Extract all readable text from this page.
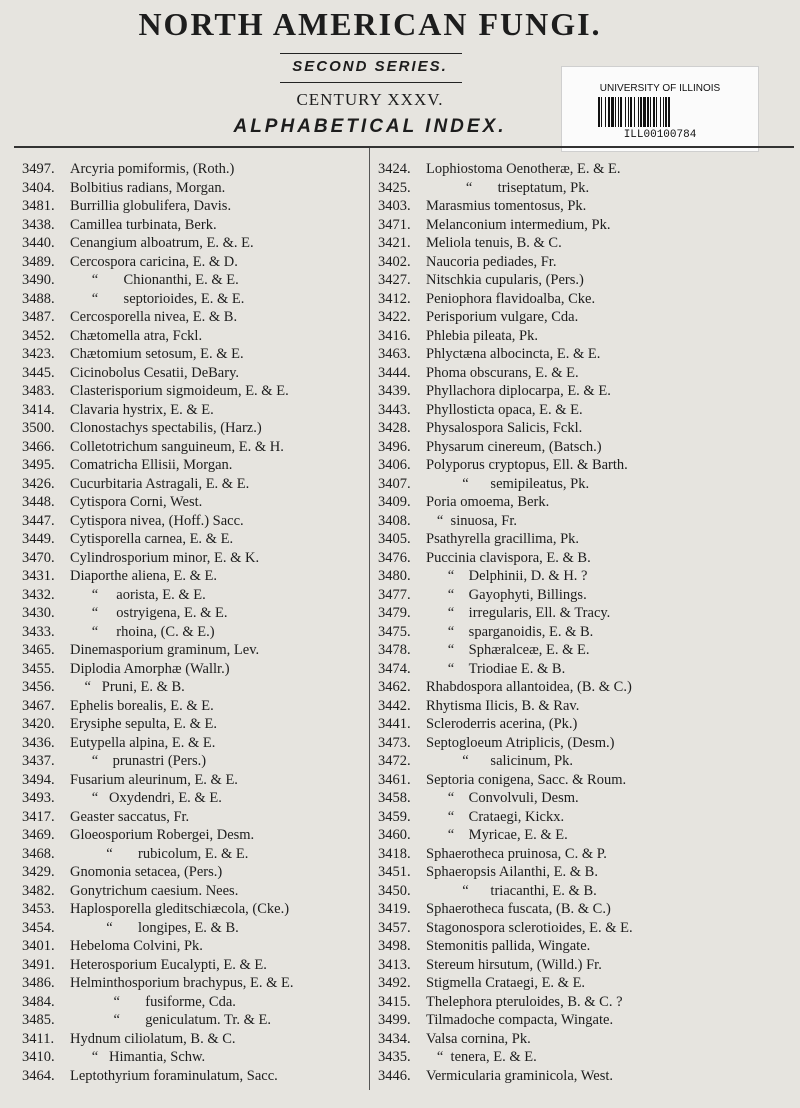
NORTH AMERICAN FUNGI.
SECOND SERIES.
CENTURY XXXV.
ALPHABETICAL INDEX.
UNIVERSITY OF ILLINOIS
ILL00100784
3497. Arcyria pomiformis, (Roth.)
3404. Bolbitius radians, Morgan.
3481. Burrillia globulifera, Davis.
3438. Camillea turbinata, Berk.
3440. Cenangium alboatrum, E. &. E.
3489. Cercospora caricina, E. & D.
3490.      “       Chionanthi, E. & E.
3488.      “       septorioides, E. & E.
3487. Cercosporella nivea, E. & B.
3452. Chætomella atra, Fckl.
3423. Chætomium setosum, E. & E.
3445. Cicinobolus Cesatii, DeBary.
3483. Clasterisporium sigmoideum, E. & E.
3414. Clavaria hystrix, E. & E.
3500. Clonostachys spectabilis, (Harz.)
3466. Colletotrichum sanguineum, E. & H.
3495. Comatricha Ellisii, Morgan.
3426. Cucurbitaria Astragali, E. & E.
3448. Cytispora Corni, West.
3447. Cytispora nivea, (Hoff.) Sacc.
3449. Cytisporella carnea, E. & E.
3470. Cylindrosporium minor, E. & K.
3431. Diaporthe aliena, E. & E.
3432.      “     aorista, E. & E.
3430.      “     ostryigena, E. & E.
3433.      “     rhoina, (C. & E.)
3465. Dinemasporium graminum, Lev.
3455. Diplodia Amorphæ (Wallr.)
3456.    “   Pruni, E. & B.
3467. Ephelis borealis, E. & E.
3420. Erysiphe sepulta, E. & E.
3436. Eutypella alpina, E. & E.
3437.      “    prunastri (Pers.)
3494. Fusarium aleurinum, E. & E.
3493.      “   Oxydendri, E. & E.
3417. Geaster saccatus, Fr.
3469. Gloeosporium Robergei, Desm.
3468.          “       rubicolum, E. & E.
3429. Gnomonia setacea, (Pers.)
3482. Gonytrichum caesium. Nees.
3453. Haplosporella gleditschiæcola, (Cke.)
3454.          “       longipes, E. & B.
3401. Hebeloma Colvini, Pk.
3491. Heterosporium Eucalypti, E. & E.
3486. Helminthosporium brachypus, E. & E.
3484.            “       fusiforme, Cda.
3485.            “       geniculatum. Tr. & E.
3411. Hydnum ciliolatum, B. & C.
3410.      “   Himantia, Schw.
3464. Leptothyrium foraminulatum, Sacc.
3424. Lophiostoma Oenotheræ, E. & E.
3425.           “       triseptatum, Pk.
3403. Marasmius tomentosus, Pk.
3471. Melanconium intermedium, Pk.
3421. Meliola tenuis, B. & C.
3402. Naucoria pediades, Fr.
3427. Nitschkia cupularis, (Pers.)
3412. Peniophora flavidoalba, Cke.
3422. Perisporium vulgare, Cda.
3416. Phlebia pileata, Pk.
3463. Phlyctæna albocincta, E. & E.
3444. Phoma obscurans, E. & E.
3439. Phyllachora diplocarpa, E. & E.
3443. Phyllosticta opaca, E. & E.
3428. Physalospora Salicis, Fckl.
3496. Physarum cinereum, (Batsch.)
3406. Polyporus cryptopus, Ell. & Barth.
3407.          “      semipileatus, Pk.
3409. Poria omoema, Berk.
3408.   “  sinuosa, Fr.
3405. Psathyrella gracillima, Pk.
3476. Puccinia clavispora, E. & B.
3480.      “    Delphinii, D. & H. ?
3477.      “    Gayophyti, Billings.
3479.      “    irregularis, Ell. & Tracy.
3475.      “    sparganoidis, E. & B.
3478.      “    Sphæralceæ, E. & E.
3474.      “    Triodiae E. & B.
3462. Rhabdospora allantoidea, (B. & C.)
3442. Rhytisma Ilicis, B. & Rav.
3441. Scleroderris acerina, (Pk.)
3473. Septogloeum Atriplicis, (Desm.)
3472.          “      salicinum, Pk.
3461. Septoria conigena, Sacc. & Roum.
3458.      “    Convolvuli, Desm.
3459.      “    Crataegi, Kickx.
3460.      “    Myricae, E. & E.
3418. Sphaerotheca pruinosa, C. & P.
3451. Sphaeropsis Ailanthi, E. & B.
3450.          “      triacanthi, E. & B.
3419. Sphaerotheca fuscata, (B. & C.)
3457. Stagonospora sclerotioides, E. & E.
3498. Stemonitis pallida, Wingate.
3413. Stereum hirsutum, (Willd.) Fr.
3492. Stigmella Crataegi, E. & E.
3415. Thelephora pteruloides, B. & C. ?
3499. Tilmadoche compacta, Wingate.
3434. Valsa cornina, Pk.
3435.   “  tenera, E. & E.
3446. Vermicularia graminicola, West.
